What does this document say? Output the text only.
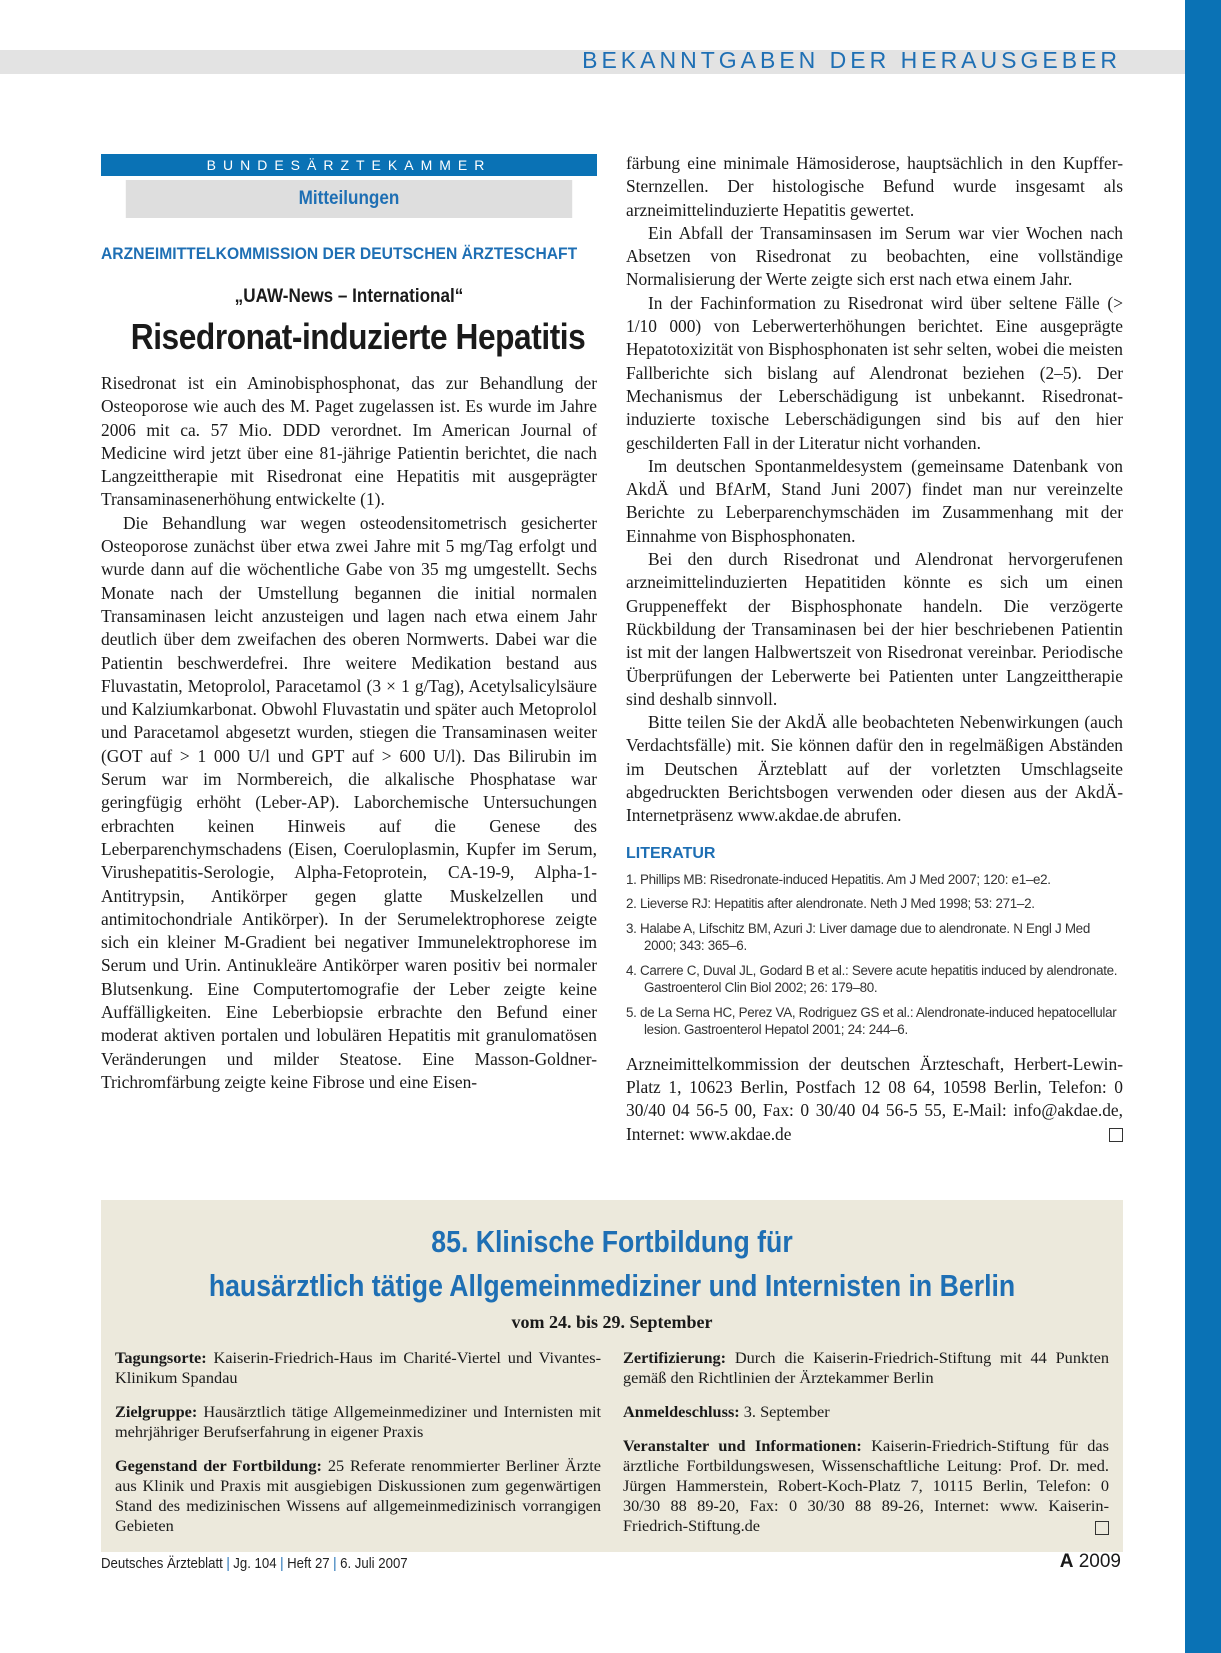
BEKANNTGABEN DER HERAUSGEBER
BUNDESÄRZTEKAMMER
Mitteilungen
ARZNEIMITTELKOMMISSION DER DEUTSCHEN ÄRZTESCHAFT
„UAW-News – International“
Risedronat-induzierte Hepatitis

Risedronat ist ein Aminobisphosphonat, das zur Behandlung der Osteoporose wie auch des M. Paget zugelassen ist. Es wurde im Jahre 2006 mit ca. 57 Mio. DDD verordnet. Im American Journal of Medicine wird jetzt über eine 81-jährige Patientin berichtet, die nach Langzeittherapie mit Risedronat eine Hepatitis mit ausgeprägter Transaminasenerhöhung entwickelte (1).

Die Behandlung war wegen osteodensitometrisch gesicherter Osteoporose zunächst über etwa zwei Jahre mit 5 mg/Tag erfolgt und wurde dann auf die wöchentliche Gabe von 35 mg umgestellt. Sechs Monate nach der Umstellung begannen die initial normalen Transaminasen leicht anzusteigen und lagen nach etwa einem Jahr deutlich über dem zweifachen des oberen Normwerts. Dabei war die Patientin beschwerdefrei. Ihre weitere Medikation bestand aus Fluvastatin, Metoprolol, Paracetamol (3 × 1 g/Tag), Acetylsalicylsäure und Kalziumkarbonat. Obwohl Fluvastatin und später auch Metoprolol und Paracetamol abgesetzt wurden, stiegen die Transaminasen weiter (GOT auf > 1 000 U/l und GPT auf > 600 U/l). Das Bilirubin im Serum war im Normbereich, die alkalische Phosphatase war geringfügig erhöht (Leber-AP). Laborchemische Untersuchungen erbrachten keinen Hinweis auf die Genese des Leberparenchymschadens (Eisen, Coeruloplasmin, Kupfer im Serum, Virushepatitis-Serologie, Alpha-Fetoprotein, CA-19-9, Alpha-1-Antitrypsin, Antikörper gegen glatte Muskelzellen und antimitochondriale Antikörper). In der Serumelektrophorese zeigte sich ein kleiner M-Gradient bei negativer Immunelektrophorese im Serum und Urin. Antinukleäre Antikörper waren positiv bei normaler Blutsenkung. Eine Computertomografie der Leber zeigte keine Auffälligkeiten. Eine Leberbiopsie erbrachte den Befund einer moderat aktiven portalen und lobulären Hepatitis mit granulomatösen Veränderungen und milder Steatose. Eine Masson-Goldner-Trichromfärbung zeigte keine Fibrose und eine Eisen-

färbung eine minimale Hämosiderose, hauptsächlich in den Kupffer-Sternzellen. Der histologische Befund wurde insgesamt als arzneimittelinduzierte Hepatitis gewertet.

Ein Abfall der Transaminsasen im Serum war vier Wochen nach Absetzen von Risedronat zu beobachten, eine vollständige Normalisierung der Werte zeigte sich erst nach etwa einem Jahr.

In der Fachinformation zu Risedronat wird über seltene Fälle (> 1/10 000) von Leberwerterhöhungen berichtet. Eine ausgeprägte Hepatotoxizität von Bisphosphonaten ist sehr selten, wobei die meisten Fallberichte sich bislang auf Alendronat beziehen (2–5). Der Mechanismus der Leberschädigung ist unbekannt. Risedronat-induzierte toxische Leberschädigungen sind bis auf den hier geschilderten Fall in der Literatur nicht vorhanden.

Im deutschen Spontanmeldesystem (gemeinsame Datenbank von AkdÄ und BfArM, Stand Juni 2007) findet man nur vereinzelte Berichte zu Leberparenchymschäden im Zusammenhang mit der Einnahme von Bisphosphonaten.

Bei den durch Risedronat und Alendronat hervorgerufenen arzneimittelinduzierten Hepatitiden könnte es sich um einen Gruppeneffekt der Bisphosphonate handeln. Die verzögerte Rückbildung der Transaminasen bei der hier beschriebenen Patientin ist mit der langen Halbwertszeit von Risedronat vereinbar. Periodische Überprüfungen der Leberwerte bei Patienten unter Langzeittherapie sind deshalb sinnvoll.

Bitte teilen Sie der AkdÄ alle beobachteten Nebenwirkungen (auch Verdachtsfälle) mit. Sie können dafür den in regelmäßigen Abständen im Deutschen Ärzteblatt auf der vorletzten Umschlagseite abgedruckten Berichtsbogen verwenden oder diesen aus der AkdÄ-Internetpräsenz www.akdae.de abrufen.

LITERATUR
1. Phillips MB: Risedronate-induced Hepatitis. Am J Med 2007; 120: e1–e2.
2. Lieverse RJ: Hepatitis after alendronate. Neth J Med 1998; 53: 271–2.
3. Halabe A, Lifschitz BM, Azuri J: Liver damage due to alendronate. N Engl J Med 2000; 343: 365–6.
4. Carrere C, Duval JL, Godard B et al.: Severe acute hepatitis induced by alendronate. Gastroenterol Clin Biol 2002; 26: 179–80.
5. de La Serna HC, Perez VA, Rodriguez GS et al.: Alendronate-induced hepatocellular lesion. Gastroenterol Hepatol 2001; 24: 244–6.

Arzneimittelkommission der deutschen Ärzteschaft, Herbert-Lewin-Platz 1, 10623 Berlin, Postfach 12 08 64, 10598 Berlin, Telefon: 0 30/40 04 56-5 00, Fax: 0 30/40 04 56-5 55, E-Mail: info@akdae.de, Internet: www.akdae.de

85. Klinische Fortbildung für
hausärztlich tätige Allgemeinmediziner und Internisten in Berlin
vom 24. bis 29. September

Tagungsorte: Kaiserin-Friedrich-Haus im Charité-Viertel und Vivantes-Klinikum Spandau

Zielgruppe: Hausärztlich tätige Allgemeinmediziner und Internisten mit mehrjähriger Berufserfahrung in eigener Praxis

Gegenstand der Fortbildung: 25 Referate renommierter Berliner Ärzte aus Klinik und Praxis mit ausgiebigen Diskussionen zum gegenwärtigen Stand des medizinischen Wissens auf allgemeinmedizinisch vorrangigen Gebieten

Zertifizierung: Durch die Kaiserin-Friedrich-Stiftung mit 44 Punkten gemäß den Richtlinien der Ärztekammer Berlin

Anmeldeschluss: 3. September

Veranstalter und Informationen: Kaiserin-Friedrich-Stiftung für das ärztliche Fortbildungswesen, Wissenschaftliche Leitung: Prof. Dr. med. Jürgen Hammerstein, Robert-Koch-Platz 7, 10115 Berlin, Telefon: 0 30/30 88 89-20, Fax: 0 30/30 88 89-26, Internet: www. Kaiserin-Friedrich-Stiftung.de

Deutsches Ärzteblatt | Jg. 104 | Heft 27 | 6. Juli 2007	A 2009
